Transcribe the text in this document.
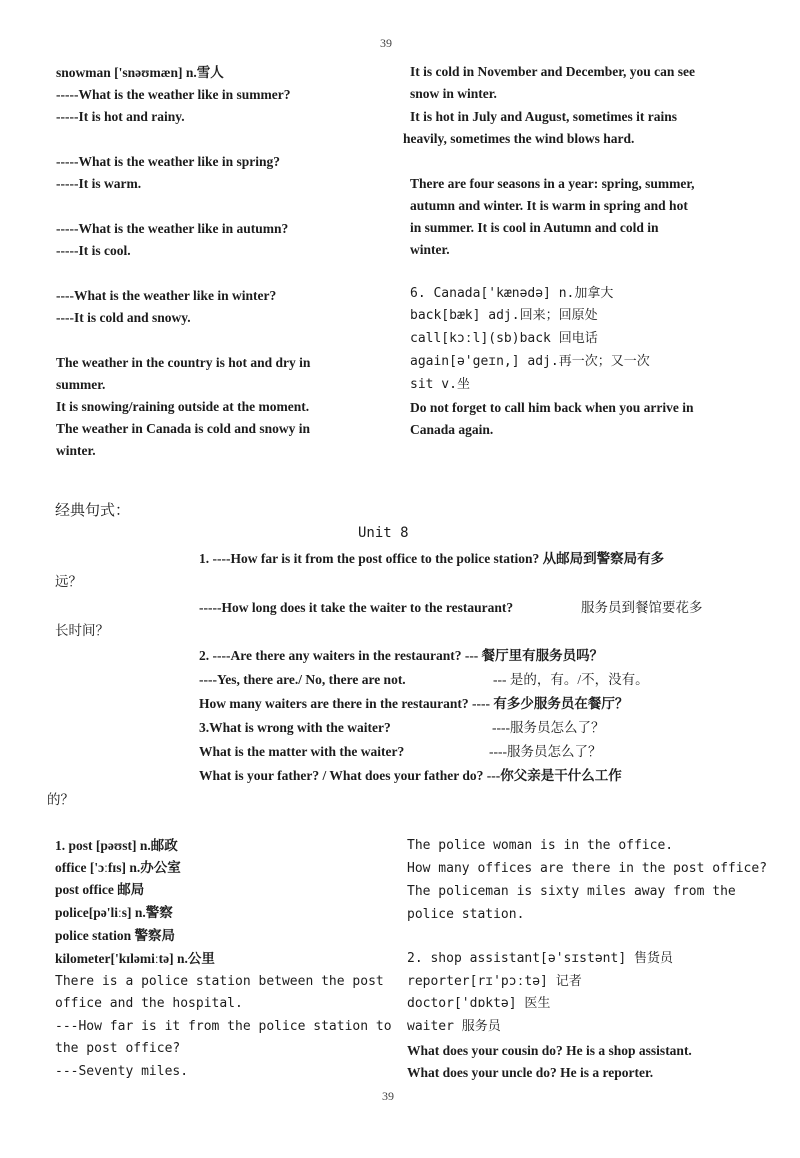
39
39
snowman ['snəʊmæn] n.雪人
-----What is the weather like in summer?
-----It is hot and rainy.
-----What is the weather like in spring?
-----It is warm.
-----What is the weather like in autumn?
-----It is cool.
----What is the weather like in winter?
----It is cold and snowy.
The weather in the country is hot and dry in
summer.
It is snowing/raining outside at the moment.
The weather in Canada is cold and snowy in
winter.
It is cold in November and December, you can see
snow in winter.
It is hot in July and August, sometimes it rains
heavily, sometimes the wind blows hard.
There are four seasons in a year: spring, summer,
autumn and winter. It is warm in spring and hot
in summer. It is cool in Autumn and cold in
winter.
6. Canada['kænədə] n.加拿大
back[bæk] adj.回来；回原处
call[kɔːl](sb)back 回电话
again[ə'geɪn,] adj.再一次；又一次
sit v.坐
Do not forget to call him back when you arrive in
Canada again.
经典句式：
Unit 8
1. ----How far is it from the post office to the police station? 从邮局到警察局有多
远？
-----How long does it take the waiter to the restaurant?	服务员到餐馆要花多
长时间？
2. ----Are there any waiters in the restaurant? --- 餐厅里有服务员吗？
----Yes, there are./ No, there are not.	--- 是的，有。/不，没有。
How many waiters are there in the restaurant? ---- 有多少服务员在餐厅？
3.What is wrong with the waiter?	----服务员怎么了？
What is the matter with the waiter?	----服务员怎么了？
What is your father? / What does your father do? ---你父亲是干什么工作
的？
1. post [pəʊst] n.邮政
office ['ɔːfɪs] n.办公室
post office 邮局
police[pə'liːs] n.警察
police station 警察局
kilometer['kɪləmiːtə] n.公里
There is a police station between the post
office and the hospital.
---How far is it from the police station to
the post office?
---Seventy miles.
The police woman is in the office.
How many offices are there in the post office?
The policeman is sixty miles away from the
police station.
2. shop assistant[ə'sɪstənt] 售货员
reporter[rɪ'pɔːtə] 记者
doctor['dɒktə] 医生
waiter 服务员
What does your cousin do? He is a shop assistant.
What does your uncle do? He is a reporter.
